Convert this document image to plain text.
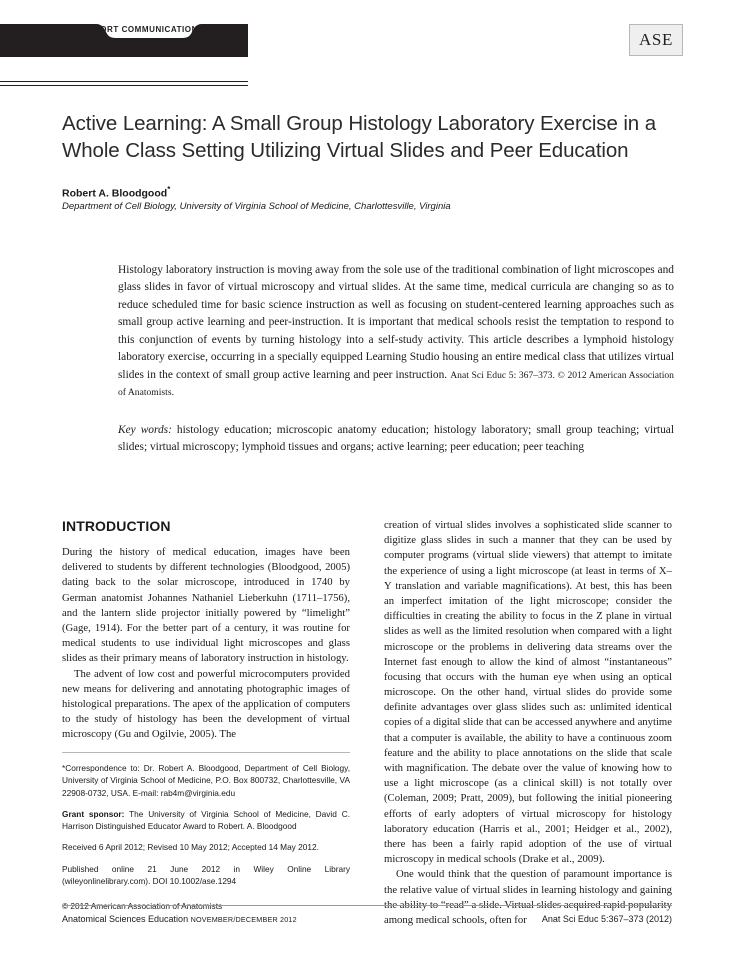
SHORT COMMUNICATION
ASE
Active Learning: A Small Group Histology Laboratory Exercise in a Whole Class Setting Utilizing Virtual Slides and Peer Education
Robert A. Bloodgood*
Department of Cell Biology, University of Virginia School of Medicine, Charlottesville, Virginia

Histology laboratory instruction is moving away from the sole use of the traditional combination of light microscopes and glass slides in favor of virtual microscopy and virtual slides. At the same time, medical curricula are changing so as to reduce scheduled time for basic science instruction as well as focusing on student-centered learning approaches such as small group active learning and peer-instruction. It is important that medical schools resist the temptation to respond to this conjunction of events by turning histology into a self-study activity. This article describes a lymphoid histology laboratory exercise, occurring in a specially equipped Learning Studio housing an entire medical class that utilizes virtual slides in the context of small group active learning and peer instruction. Anat Sci Educ 5: 367–373. © 2012 American Association of Anatomists.

Key words: histology education; microscopic anatomy education; histology laboratory; small group teaching; virtual slides; virtual microscopy; lymphoid tissues and organs; active learning; peer education; peer teaching
INTRODUCTION

During the history of medical education, images have been delivered to students by different technologies (Bloodgood, 2005) dating back to the solar microscope, introduced in 1740 by German anatomist Johannes Nathaniel Lieberkuhn (1711–1756), and the lantern slide projector initially powered by “limelight” (Gage, 1914). For the better part of a century, it was routine for medical students to use individual light microscopes and glass slides as their primary means of laboratory instruction in histology.

The advent of low cost and powerful microcomputers provided new means for delivering and annotating photographic images of histological preparations. The apex of the application of computers to the study of histology has been the development of virtual microscopy (Gu and Ogilvie, 2005). The

creation of virtual slides involves a sophisticated slide scanner to digitize glass slides in such a manner that they can be used by computer programs (virtual slide viewers) that attempt to imitate the experience of using a light microscope (at least in terms of X–Y translation and variable magnifications). At best, this has been an imperfect imitation of the light microscope; consider the difficulties in creating the ability to focus in the Z plane in virtual slides as well as the limited resolution when compared with a light microscope or the problems in delivering data streams over the Internet fast enough to allow the kind of almost “instantaneous” focusing that occurs with the human eye when using an optical microscope. On the other hand, virtual slides do provide some definite advantages over glass slides such as: unlimited identical copies of a digital slide that can be accessed anywhere and anytime that a computer is available, the ability to have a continuous zoom feature and the ability to place annotations on the slide that scale with magnification. The debate over the value of knowing how to use a light microscope (as a clinical skill) is not totally over (Coleman, 2009; Pratt, 2009), but following the initial pioneering efforts of early adopters of virtual microscopy for histology laboratory education (Harris et al., 2001; Heidger et al., 2002), there has been a fairly rapid adoption of the use of virtual microscopy in medical schools (Drake et al., 2009).

One would think that the question of paramount importance is the relative value of virtual slides in learning histology and gaining the ability to “read” a slide. Virtual slides acquired rapid popularity among medical schools, often for

*Correspondence to: Dr. Robert A. Bloodgood, Department of Cell Biology, University of Virginia School of Medicine, P.O. Box 800732, Charlottesville, VA 22908-0732, USA. E-mail: rab4m@virginia.edu

Grant sponsor: The University of Virginia School of Medicine, David C. Harrison Distinguished Educator Award to Robert. A. Bloodgood

Received 6 April 2012; Revised 10 May 2012; Accepted 14 May 2012.

Published online 21 June 2012 in Wiley Online Library (wileyonlinelibrary.com). DOI 10.1002/ase.1294

© 2012 American Association of Anatomists

Anatomical Sciences Education NOVEMBER/DECEMBER 2012	Anat Sci Educ 5:367–373 (2012)
